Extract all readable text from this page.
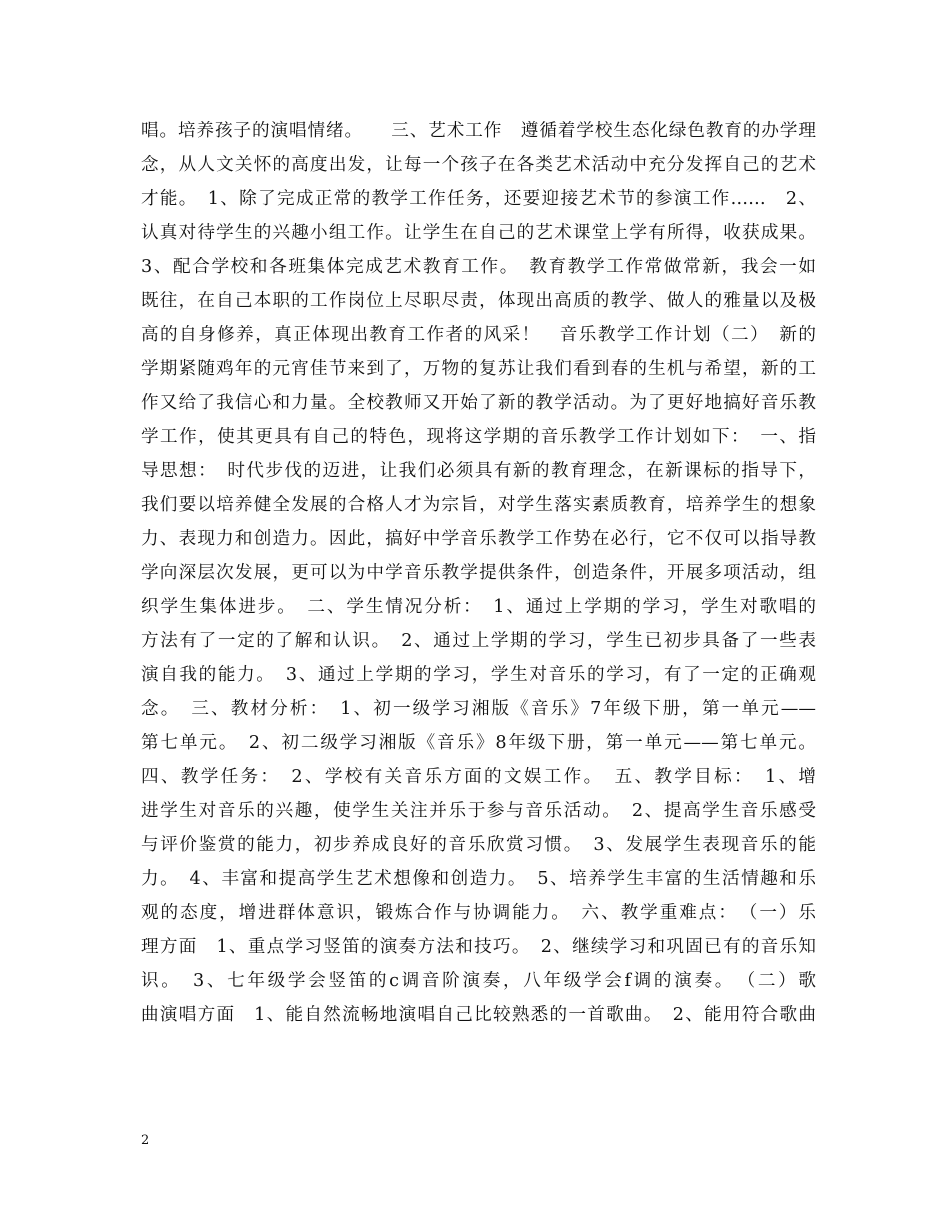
唱。培养孩子的演唱情绪。　　三、艺术工作　遵循着学校生态化绿色教育的办学理
念，从人文关怀的高度出发，让每一个孩子在各类艺术活动中充分发挥自己的艺术
才能。　1、除了完成正常的教学工作任务，还要迎接艺术节的参演工作……　2、
认真对待学生的兴趣小组工作。让学生在自己的艺术课堂上学有所得，收获成果。
3、配合学校和各班集体完成艺术教育工作。　教育教学工作常做常新，我会一如
既往，在自己本职的工作岗位上尽职尽责，体现出高质的教学、做人的雅量以及极
高的自身修养，真正体现出教育工作者的风采！　音乐教学工作计划（二）　新的
学期紧随鸡年的元宵佳节来到了，万物的复苏让我们看到春的生机与希望，新的工
作又给了我信心和力量。全校教师又开始了新的教学活动。为了更好地搞好音乐教
学工作，使其更具有自己的特色，现将这学期的音乐教学工作计划如下：　一、指
导思想：　时代步伐的迈进，让我们必须具有新的教育理念，在新课标的指导下，
我们要以培养健全发展的合格人才为宗旨，对学生落实素质教育，培养学生的想象
力、表现力和创造力。因此，搞好中学音乐教学工作势在必行，它不仅可以指导教
学向深层次发展，更可以为中学音乐教学提供条件，创造条件，开展多项活动，组
织学生集体进步。　二、学生情况分析：　1、通过上学期的学习，学生对歌唱的
方法有了一定的了解和认识。　2、通过上学期的学习，学生已初步具备了一些表
演自我的能力。　3、通过上学期的学习，学生对音乐的学习，有了一定的正确观
念。　三、教材分析：　1、初一级学习湘版《音乐》7年级下册，第一单元——
第七单元。　2、初二级学习湘版《音乐》8年级下册，第一单元——第七单元。
四、教学任务：　2、学校有关音乐方面的文娱工作。　五、教学目标：　1、增
进学生对音乐的兴趣，使学生关注并乐于参与音乐活动。　2、提高学生音乐感受
与评价鉴赏的能力，初步养成良好的音乐欣赏习惯。　3、发展学生表现音乐的能
力。　4、丰富和提高学生艺术想像和创造力。　5、培养学生丰富的生活情趣和乐
观的态度，增进群体意识，锻炼合作与协调能力。　六、教学重难点：　（一）乐
理方面　1、重点学习竖笛的演奏方法和技巧。　2、继续学习和巩固已有的音乐知
识。　3、七年级学会竖笛的c调音阶演奏，八年级学会f调的演奏。　（二）歌
曲演唱方面　1、能自然流畅地演唱自己比较熟悉的一首歌曲。　2、能用符合歌曲
2
